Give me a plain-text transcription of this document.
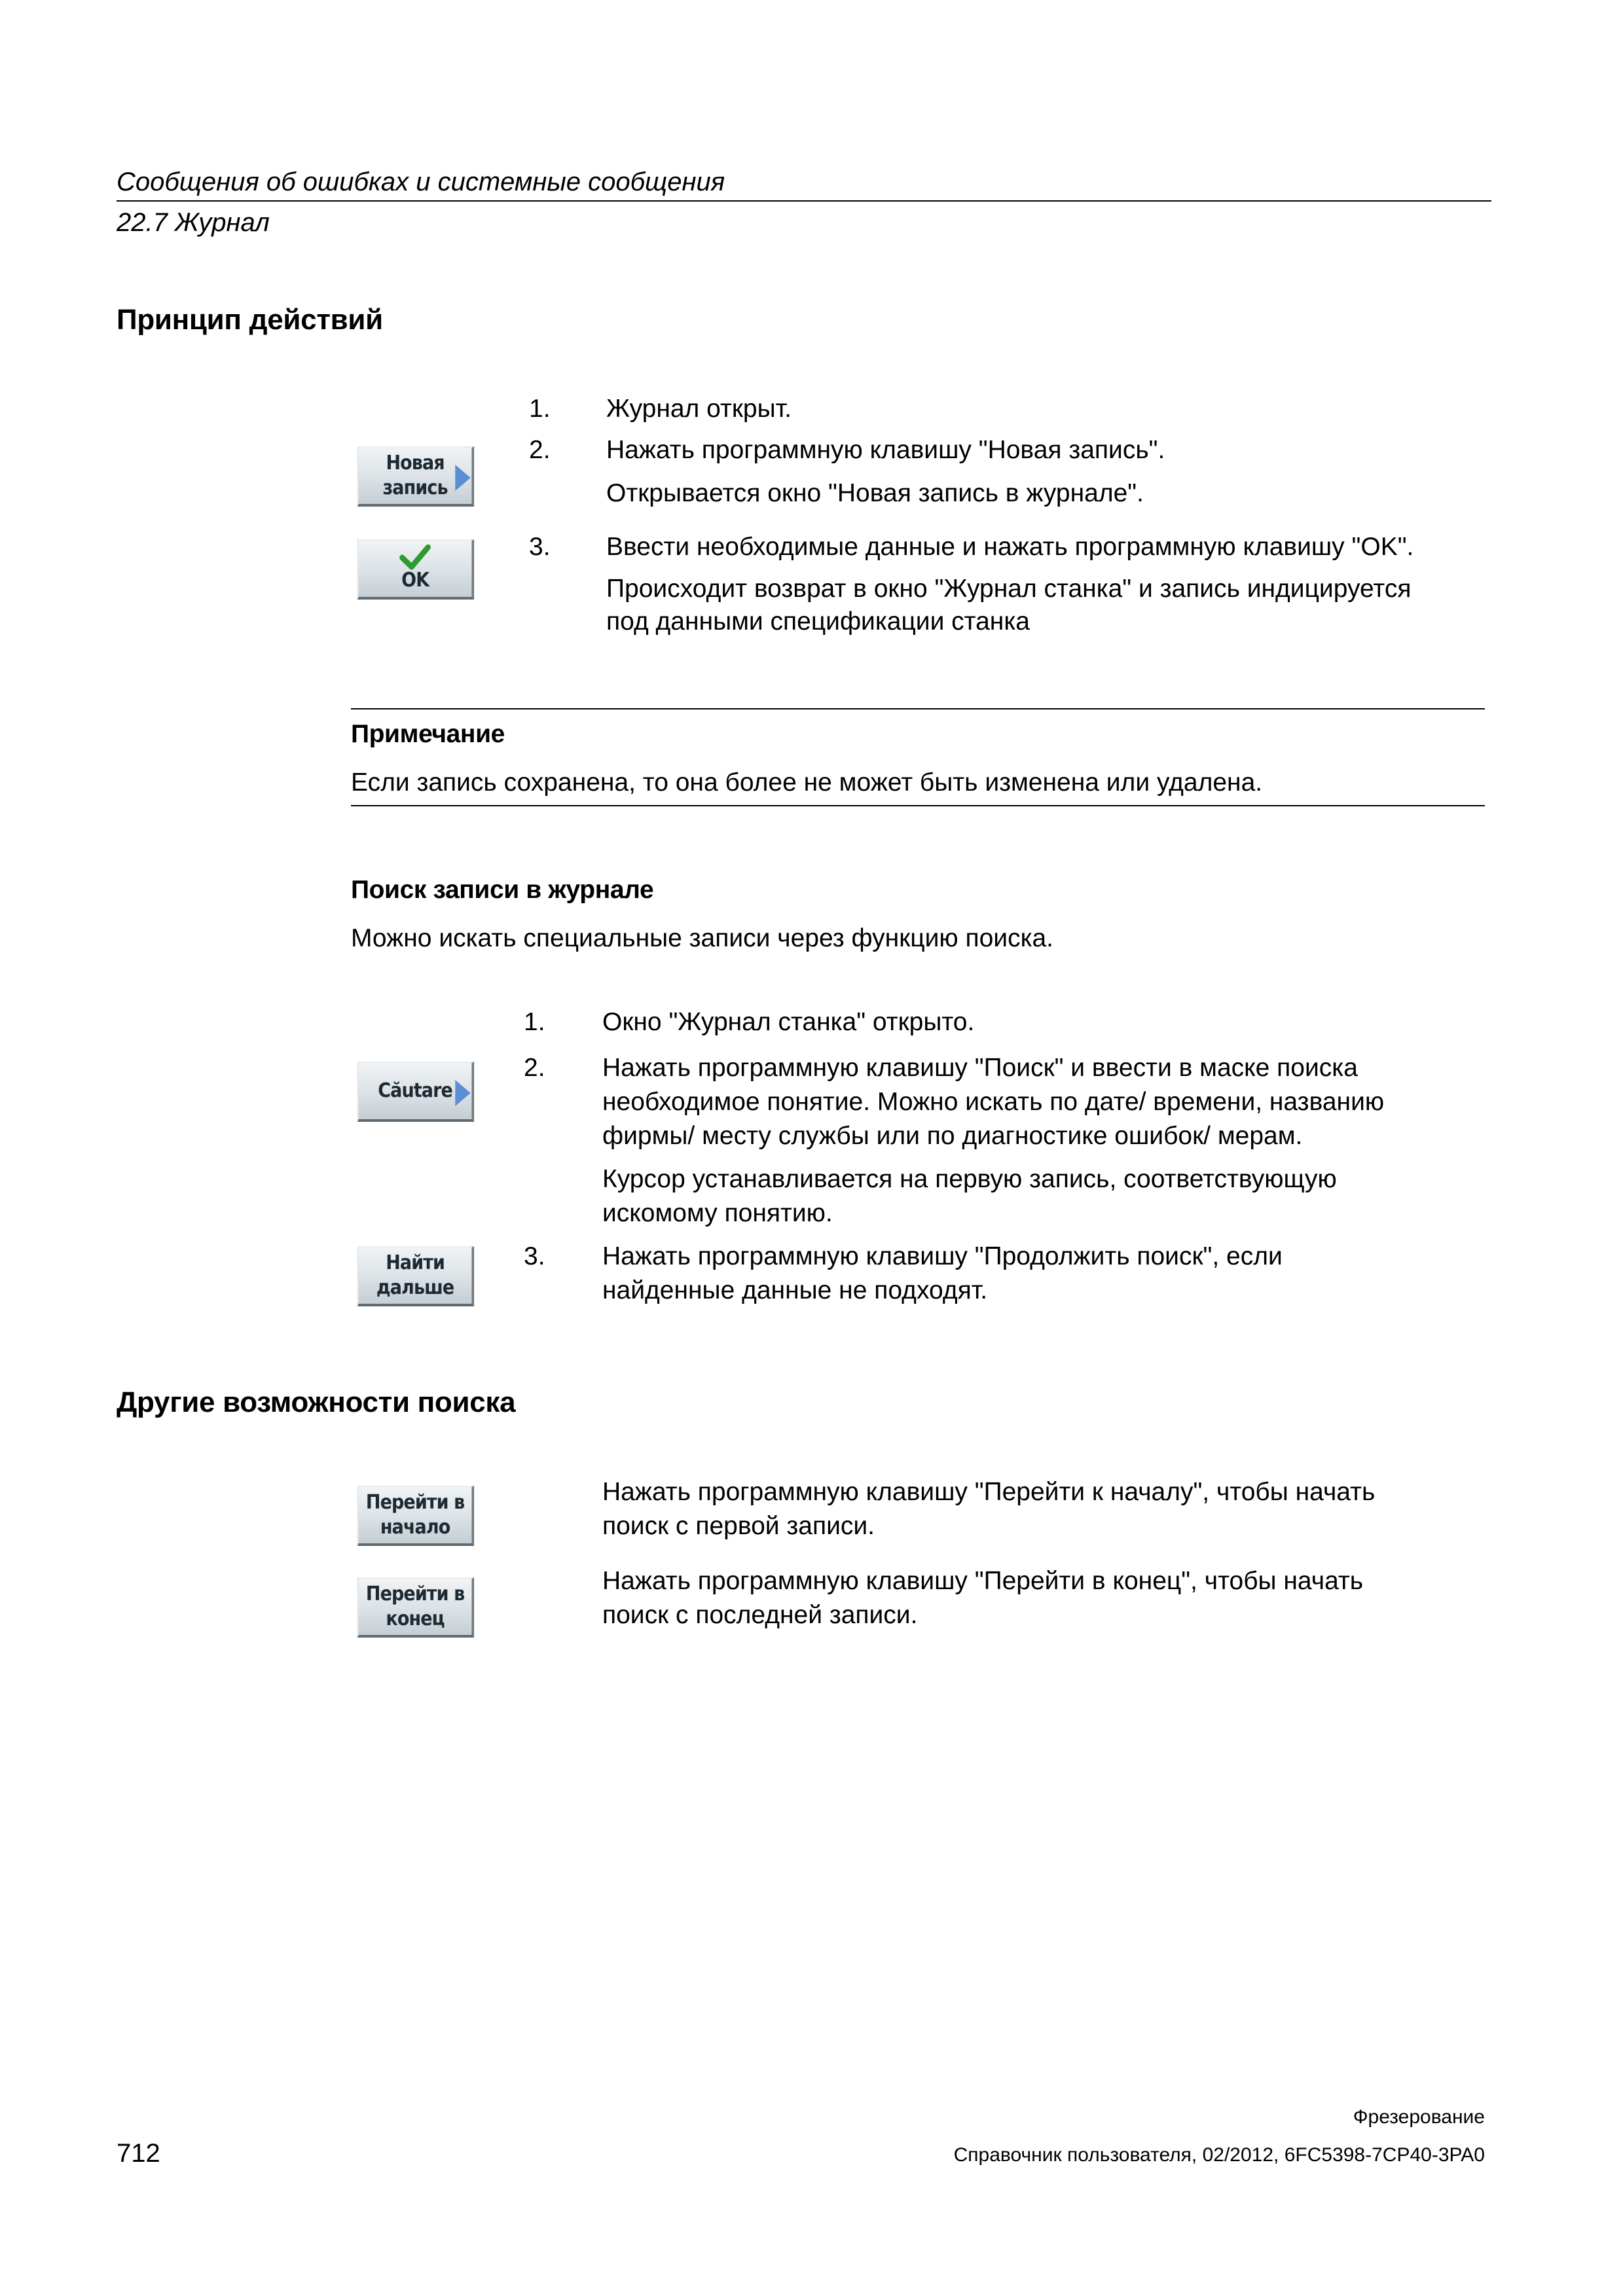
Сообщения об ошибках и системные сообщения
22.7 Журнал
Принцип действий
1.	Журнал открыт.
2.	Нажать программную клавишу "Новая запись".
Открывается окно "Новая запись в журнале".
3.	Ввести необходимые данные и нажать программную клавишу "OK".
Происходит возврат в окно "Журнал станка" и запись индицируется
под данными спецификации станка
Новая
запись
OK
Примечание
Если запись сохранена, то она более не может быть изменена или удалена.
Поиск записи в журнале
Можно искать специальные записи через функцию поиска.
1.	Окно "Журнал станка" открыто.
2.	Нажать программную клавишу "Поиск" и ввести в маске поиска
необходимое понятие. Можно искать по дате/ времени, названию
фирмы/ месту службы или по диагностике ошибок/ мерам.
Курсор устанавливается на первую запись, соответствующую
искомому понятию.
3.	Нажать программную клавишу "Продолжить поиск", если
найденные данные не подходят.
Căutare
Найти
дальше
Другие возможности поиска
Нажать программную клавишу "Перейти к началу", чтобы начать
поиск с первой записи.
Нажать программную клавишу "Перейти в конец", чтобы начать
поиск с последней записи.
Перейти в
начало
Перейти в
конец
712
Фрезерование
Справочник пользователя, 02/2012, 6FC5398-7CP40-3PA0
